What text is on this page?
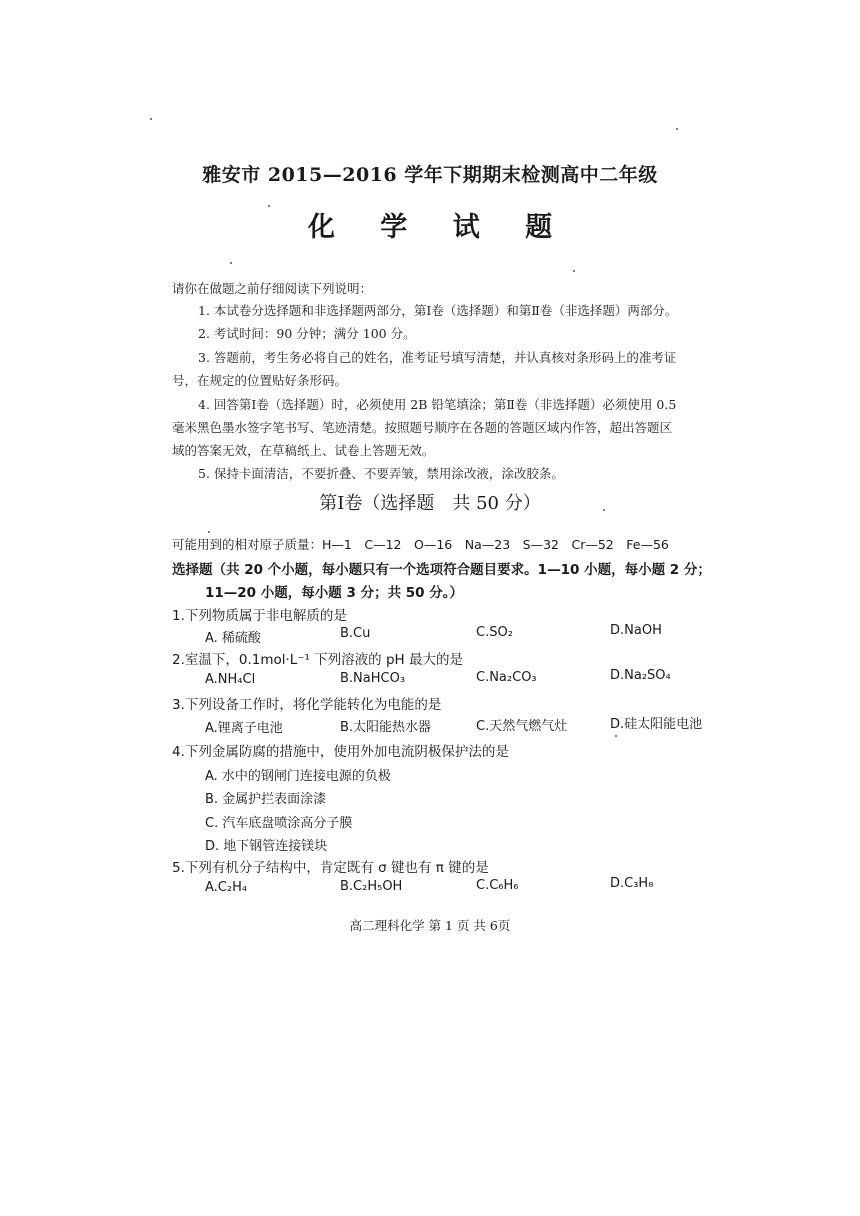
雅安市 2015—2016 学年下期期末检测高中二年级
化 学 试 题
请你在做题之前仔细阅读下列说明：
1. 本试卷分选择题和非选择题两部分，第Ⅰ卷（选择题）和第Ⅱ卷（非选择题）两部分。
2. 考试时间：90 分钟；满分 100 分。
3. 答题前，考生务必将自己的姓名，准考证号填写清楚，并认真核对条形码上的准考证
号，在规定的位置贴好条形码。
4. 回答第Ⅰ卷（选择题）时，必须使用 2B 铅笔填涂；第Ⅱ卷（非选择题）必须使用 0.5
毫米黑色墨水签字笔书写、笔迹清楚。按照题号顺序在各题的答题区域内作答，超出答题区
域的答案无效，在草稿纸上、试卷上答题无效。
5. 保持卡面清洁，不要折叠、不要弄皱，禁用涂改液，涂改胶条。
第Ⅰ卷（选择题　共 50 分）
可能用到的相对原子质量：H—1　C—12　O—16　Na—23　S—32　Cr—52　Fe—56
选择题（共 20 个小题，每小题只有一个选项符合题目要求。1—10 小题，每小题 2 分；
11—20 小题，每小题 3 分；共 50 分。）
1.下列物质属于非电解质的是
A. 稀硫酸	B.Cu	C.SO₂	D.NaOH
2.室温下，0.1mol·L⁻¹ 下列溶液的 pH 最大的是
A.NH₄Cl	B.NaHCO₃	C.Na₂CO₃	D.Na₂SO₄
3.下列设备工作时，将化学能转化为电能的是
A.锂离子电池	B.太阳能热水器	C.天然气燃气灶	D.硅太阳能电池
4.下列金属防腐的措施中，使用外加电流阴极保护法的是
A. 水中的钢闸门连接电源的负极
B. 金属护拦表面涂漆
C. 汽车底盘喷涂高分子膜
D. 地下钢管连接镁块
5.下列有机分子结构中，肯定既有 σ 键也有 π 键的是
A.C₂H₄	B.C₂H₅OH	C.C₆H₆	D.C₃H₈
高二理科化学 第 1 页 共 6页
